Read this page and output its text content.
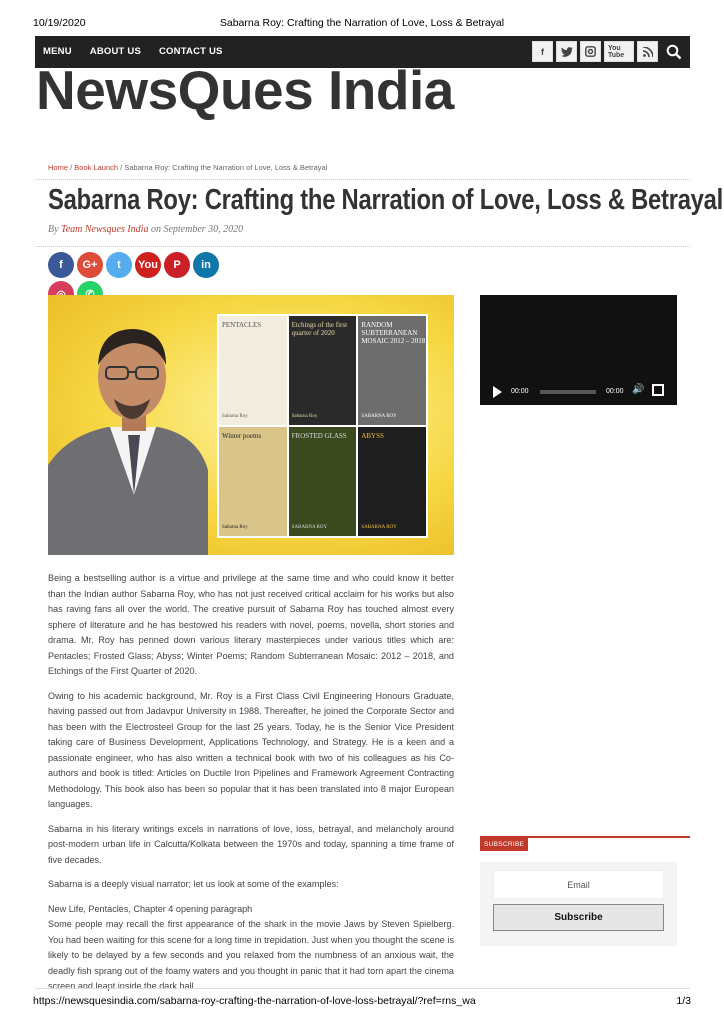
10/19/2020	Sabarna Roy: Crafting the Narration of Love, Loss & Betrayal
MENU ABOUT US CONTACT US	f	You Tube
NewsQues India
Home / Book Launch / Sabarna Roy: Crafting the Narration of Love, Loss & Betrayal
Sabarna Roy: Crafting the Narration of Love, Loss & Betrayal
By Team Newsques India on September 30, 2020
f	G+	t	You	P	in
PENTACLES
Sabarna Roy
Etchings of the first quarter of 2020
Sabarna Roy
RANDOM SUBTERRANEAN MOSAIC 2012 – 2018
SABARNA ROY
Winter poems
Sabarna Roy
FROSTED GLASS
SABARNA ROY
ABYSS
SABARNA ROY
00:00	00:00 🔊

Being a bestselling author is a virtue and privilege at the same time and who could know it better than the Indian author Sabarna Roy, who has not just received critical acclaim for his works but also has raving fans all over the world. The creative pursuit of Sabarna Roy has touched almost every sphere of literature and he has bestowed his readers with novel, poems, novella, short stories and drama. Mr. Roy has penned down various literary masterpieces under various titles which are: Pentacles; Frosted Glass; Abyss; Winter Poems; Random Subterranean Mosaic: 2012 – 2018, and Etchings of the First Quarter of 2020.

Owing to his academic background, Mr. Roy is a First Class Civil Engineering Honours Graduate, having passed out from Jadavpur University in 1988. Thereafter, he joined the Corporate Sector and has been with the Electrosteel Group for the last 25 years. Today, he is the Senior Vice President taking care of Business Development, Applications Technology, and Strategy. He is a keen and a passionate engineer, who has also written a technical book with two of his colleagues as his Co-authors and book is titled: Articles on Ductile Iron Pipelines and Framework Agreement Contracting Methodology. This book also has been so popular that it has been translated into 8 major European languages.

Sabarna in his literary writings excels in narrations of love, loss, betrayal, and melancholy around post-modern urban life in Calcutta/Kolkata between the 1970s and today, spanning a time frame of five decades.

Sabarna is a deeply visual narrator; let us look at some of the examples:

New Life, Pentacles, Chapter 4 opening paragraph

Some people may recall the first appearance of the shark in the movie Jaws by Steven Spielberg. You had been waiting for this scene for a long time in trepidation. Just when you thought the scene is likely to be delayed by a few seconds and you relaxed from the numbness of an anxious wait, the deadly fish sprang out of the foamy waters and you thought in panic that it had torn apart the cinema screen and leapt inside the dark hall.

SUBSCRIBE
Email
Subscribe
https://newsquesindia.com/sabarna-roy-crafting-the-narration-of-love-loss-betrayal/?ref=rns_wa	1/3
